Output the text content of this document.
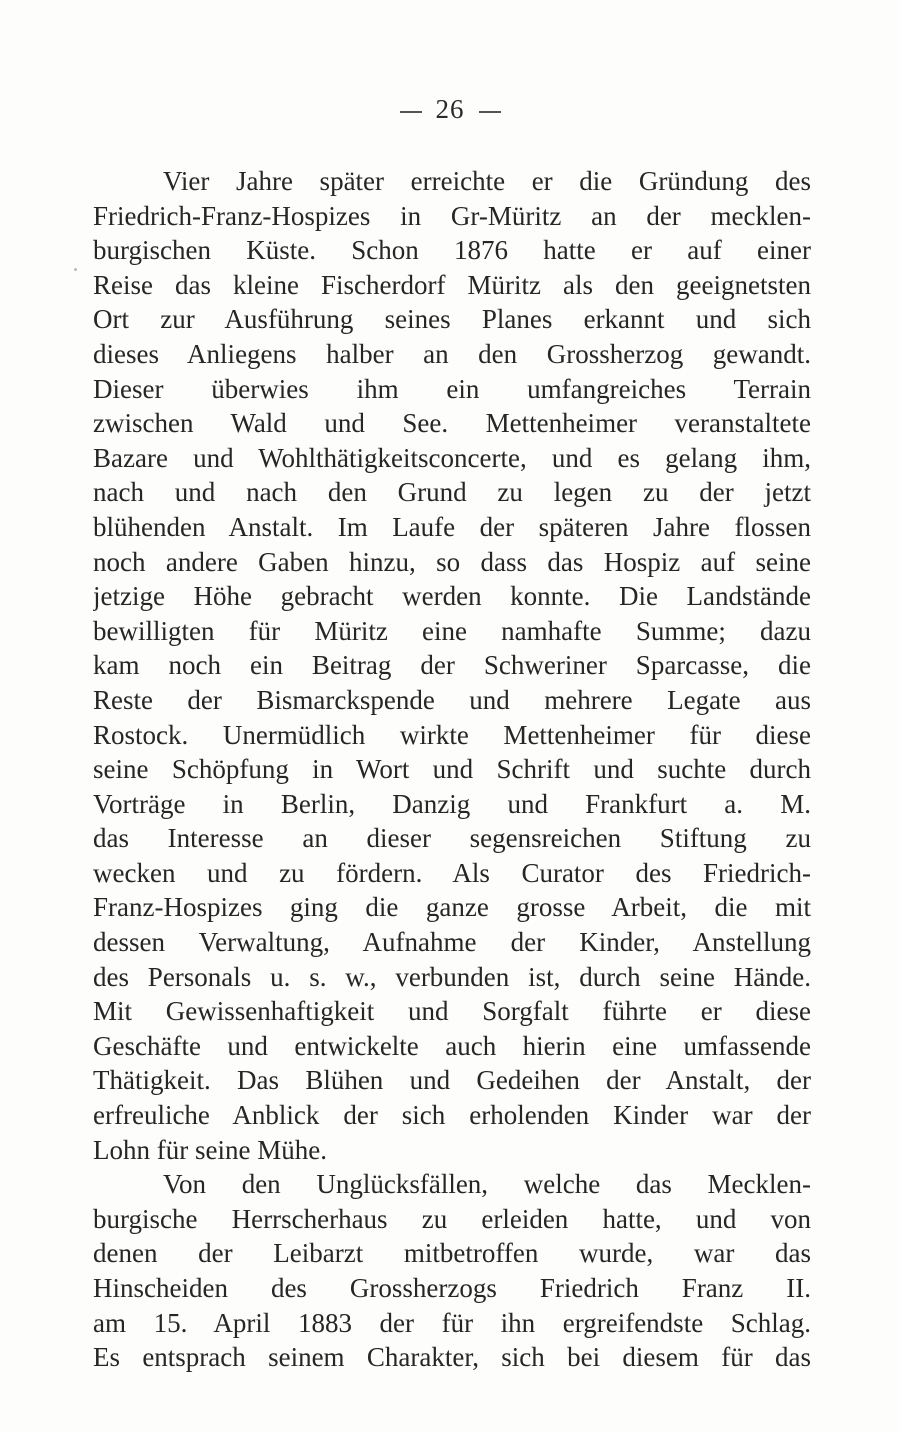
26
Vier Jahre später erreichte er die Gründung des
Friedrich-Franz-Hospizes in Gr-Müritz an der mecklen-
burgischen Küste. Schon 1876 hatte er auf einer
Reise das kleine Fischerdorf Müritz als den geeignetsten
Ort zur Ausführung seines Planes erkannt und sich
dieses Anliegens halber an den Grossherzog gewandt.
Dieser überwies ihm ein umfangreiches Terrain
zwischen Wald und See. Mettenheimer veranstaltete
Bazare und Wohlthätigkeitsconcerte, und es gelang ihm,
nach und nach den Grund zu legen zu der jetzt
blühenden Anstalt. Im Laufe der späteren Jahre flossen
noch andere Gaben hinzu, so dass das Hospiz auf seine
jetzige Höhe gebracht werden konnte. Die Landstände
bewilligten für Müritz eine namhafte Summe; dazu
kam noch ein Beitrag der Schweriner Sparcasse, die
Reste der Bismarckspende und mehrere Legate aus
Rostock. Unermüdlich wirkte Mettenheimer für diese
seine Schöpfung in Wort und Schrift und suchte durch
Vorträge in Berlin, Danzig und Frankfurt a. M.
das Interesse an dieser segensreichen Stiftung zu
wecken und zu fördern. Als Curator des Friedrich-
Franz-Hospizes ging die ganze grosse Arbeit, die mit
dessen Verwaltung, Aufnahme der Kinder, Anstellung
des Personals u. s. w., verbunden ist, durch seine Hände.
Mit Gewissenhaftigkeit und Sorgfalt führte er diese
Geschäfte und entwickelte auch hierin eine umfassende
Thätigkeit. Das Blühen und Gedeihen der Anstalt, der
erfreuliche Anblick der sich erholenden Kinder war der
Lohn für seine Mühe.
Von den Unglücksfällen, welche das Mecklen-
burgische Herrscherhaus zu erleiden hatte, und von
denen der Leibarzt mitbetroffen wurde, war das
Hinscheiden des Grossherzogs Friedrich Franz II.
am 15. April 1883 der für ihn ergreifendste Schlag.
Es entsprach seinem Charakter, sich bei diesem für das
